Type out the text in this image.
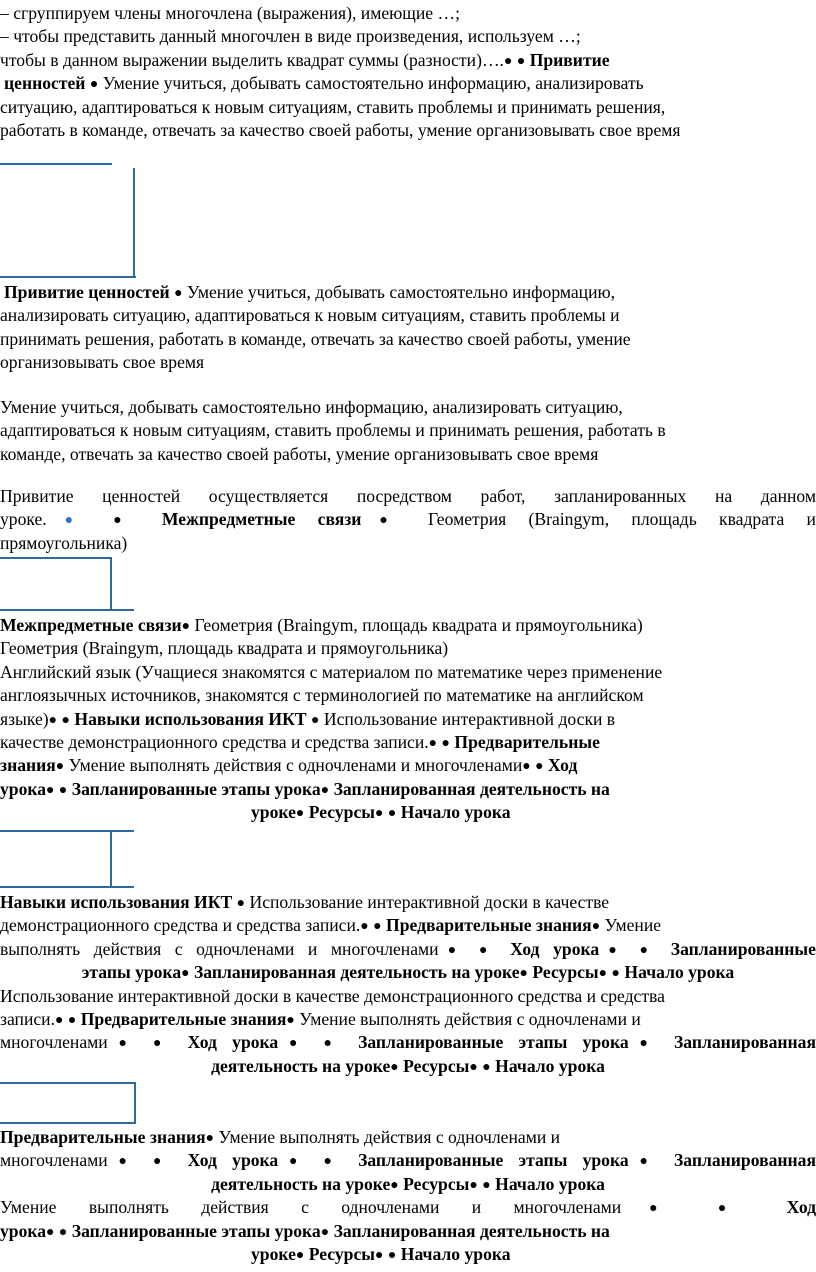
– сгруппируем члены многочлена (выражения), имеющие …;
– чтобы представить данный многочлен в виде произведения, используем …;
чтобы в данном выражении выделить квадрат суммы (разности)….● ● Привитие
ценностей ● Умение учиться, добывать самостоятельно информацию, анализировать
ситуацию, адаптироваться к новым ситуациям, ставить проблемы и принимать решения,
работать в команде, отвечать за качество своей работы, умение организовывать свое время
Привитие ценностей ● Умение учиться, добывать самостоятельно информацию,
анализировать ситуацию, адаптироваться к новым ситуациям, ставить проблемы и
принимать решения, работать в команде, отвечать за качество своей работы, умение
организовывать свое время
Умение учиться, добывать самостоятельно информацию, анализировать ситуацию,
адаптироваться к новым ситуациям, ставить проблемы и принимать решения, работать в
команде, отвечать за качество своей работы, умение организовывать свое время
Привитие ценностей осуществляется посредством работ, запланированных на данном
уроке.● ● Межпредметные связи● Геометрия (Braingym, площадь квадрата и
прямоугольника)
Межпредметные связи● Геометрия (Braingym, площадь квадрата и прямоугольника)
Геометрия (Braingym, площадь квадрата и прямоугольника)
Английский язык (Учащиеся знакомятся с материалом по математике через применение
англоязычных источников, знакомятся с терминологией по математике на английском
языке)● ● Навыки использования ИКТ ● Использование интерактивной доски в
качестве демонстрационного средства и средства записи.● ● Предварительные
знания● Умение выполнять действия с одночленами и многочленами● ● Ход
урока● ● Запланированные этапы урока● Запланированная деятельность на
уроке● Ресурсы● ● Начало урока
Навыки использования ИКТ ● Использование интерактивной доски в качестве
демонстрационного средства и средства записи.● ● Предварительные знания● Умение
выполнять действия с одночленами и многочленами● ● Ход урока● ● Запланированные
этапы урока● Запланированная деятельность на уроке● Ресурсы● ● Начало урока
Использование интерактивной доски в качестве демонстрационного средства и средства
записи.● ● Предварительные знания● Умение выполнять действия с одночленами и
многочленами● ● Ход урока● ● Запланированные этапы урока● Запланированная
деятельность на уроке● Ресурсы● ● Начало урока
Предварительные знания● Умение выполнять действия с одночленами и
многочленами● ● Ход урока● ● Запланированные этапы урока● Запланированная
деятельность на уроке● Ресурсы● ● Начало урока
Умение выполнять действия с одночленами и многочленами● ● Ход
урока● ● Запланированные этапы урока● Запланированная деятельность на
уроке● Ресурсы● ● Начало урока
